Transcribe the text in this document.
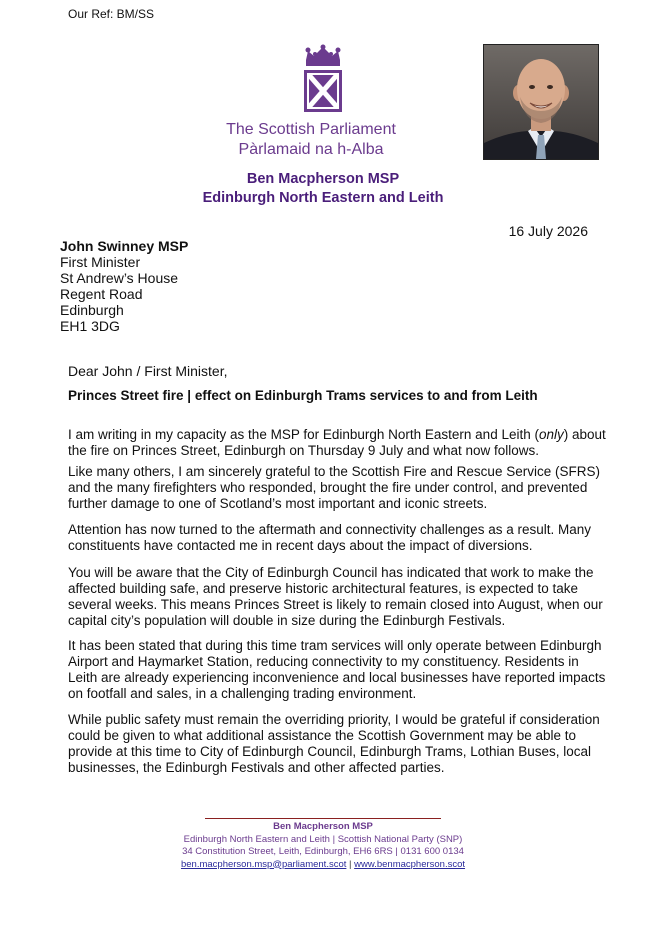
Our Ref: BM/SS
The Scottish Parliament
Pàrlamaid na h-Alba
Ben Macpherson MSP
Edinburgh North Eastern and Leith
16 July 2026
John Swinney MSP
First Minister
St Andrew’s House
Regent Road
Edinburgh
EH1 3DG
Dear John / First Minister,
Princes Street fire | effect on Edinburgh Trams services to and from Leith

I am writing in my capacity as the MSP for Edinburgh North Eastern and Leith (only) about the fire on Princes Street, Edinburgh on Thursday 9 July and what now follows.

Like many others, I am sincerely grateful to the Scottish Fire and Rescue Service (SFRS) and the many firefighters who responded, brought the fire under control, and prevented further damage to one of Scotland’s most important and iconic streets.

Attention has now turned to the aftermath and connectivity challenges as a result. Many constituents have contacted me in recent days about the impact of diversions.

You will be aware that the City of Edinburgh Council has indicated that work to make the affected building safe, and preserve historic architectural features, is expected to take several weeks. This means Princes Street is likely to remain closed into August, when our capital city’s population will double in size during the Edinburgh Festivals.

It has been stated that during this time tram services will only operate between Edinburgh Airport and Haymarket Station, reducing connectivity to my constituency. Residents in Leith are already experiencing inconvenience and local businesses have reported impacts on footfall and sales, in a challenging trading environment.

While public safety must remain the overriding priority, I would be grateful if consideration could be given to what additional assistance the Scottish Government may be able to provide at this time to City of Edinburgh Council, Edinburgh Trams, Lothian Buses, local businesses, the Edinburgh Festivals and other affected parties.

Ben Macpherson MSP
Edinburgh North Eastern and Leith | Scottish National Party (SNP)
34 Constitution Street, Leith, Edinburgh, EH6 6RS | 0131 600 0134
ben.macpherson.msp@parliament.scot | www.benmacpherson.scot
